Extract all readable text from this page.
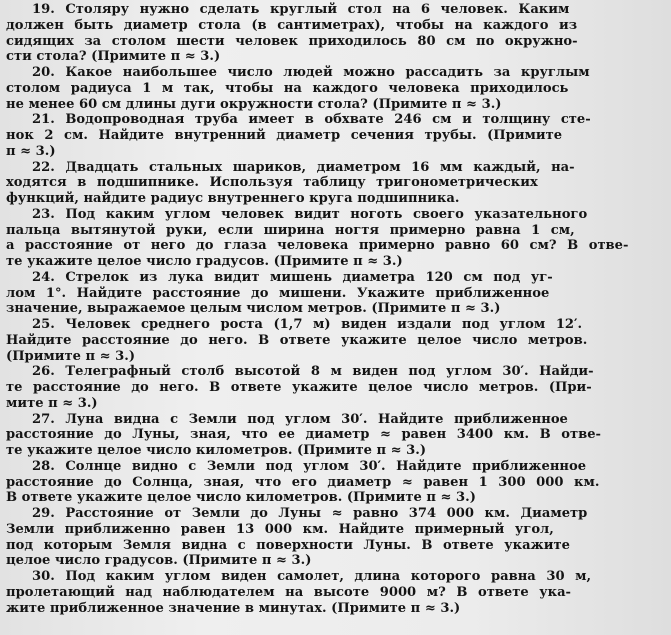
19. Столяру нужно сделать круглый стол на 6 человек. Каким
должен быть диаметр стола (в сантиметрах), чтобы на каждого из
сидящих за столом шести человек приходилось 80 см по окружно-
сти стола? (Примите π ≈ 3.)
20. Какое наибольшее число людей можно рассадить за круглым
столом радиуса 1 м так, чтобы на каждого человека приходилось
не менее 60 см длины дуги окружности стола? (Примите π ≈ 3.)
21. Водопроводная труба имеет в обхвате 246 см и толщину сте-
нок 2 см. Найдите внутренний диаметр сечения трубы. (Примите
π ≈ 3.)
22. Двадцать стальных шариков, диаметром 16 мм каждый, на-
ходятся в подшипнике. Используя таблицу тригонометрических
функций, найдите радиус внутреннего круга подшипника.
23. Под каким углом человек видит ноготь своего указательного
пальца вытянутой руки, если ширина ногтя примерно равна 1 см,
а расстояние от него до глаза человека примерно равно 60 см? В отве-
те укажите целое число градусов. (Примите π ≈ 3.)
24. Стрелок из лука видит мишень диаметра 120 см под уг-
лом 1°. Найдите расстояние до мишени. Укажите приближенное
значение, выражаемое целым числом метров. (Примите π ≈ 3.)
25. Человек среднего роста (1,7 м) виден издали под углом 12′.
Найдите расстояние до него. В ответе укажите целое число метров.
(Примите π ≈ 3.)
26. Телеграфный столб высотой 8 м виден под углом 30′. Найди-
те расстояние до него. В ответе укажите целое число метров. (При-
мите π ≈ 3.)
27. Луна видна с Земли под углом 30′. Найдите приближенное
расстояние до Луны, зная, что ее диаметр ≈ равен 3400 км. В отве-
те укажите целое число километров. (Примите π ≈ 3.)
28. Солнце видно с Земли под углом 30′. Найдите приближенное
расстояние до Солнца, зная, что его диаметр ≈ равен 1 300 000 км.
В ответе укажите целое число километров. (Примите π ≈ 3.)
29. Расстояние от Земли до Луны ≈ равно 374 000 км. Диаметр
Земли приближенно равен 13 000 км. Найдите примерный угол,
под которым Земля видна с поверхности Луны. В ответе укажите
целое число градусов. (Примите π ≈ 3.)
30. Под каким углом виден самолет, длина которого равна 30 м,
пролетающий над наблюдателем на высоте 9000 м? В ответе ука-
жите приближенное значение в минутах. (Примите π ≈ 3.)
